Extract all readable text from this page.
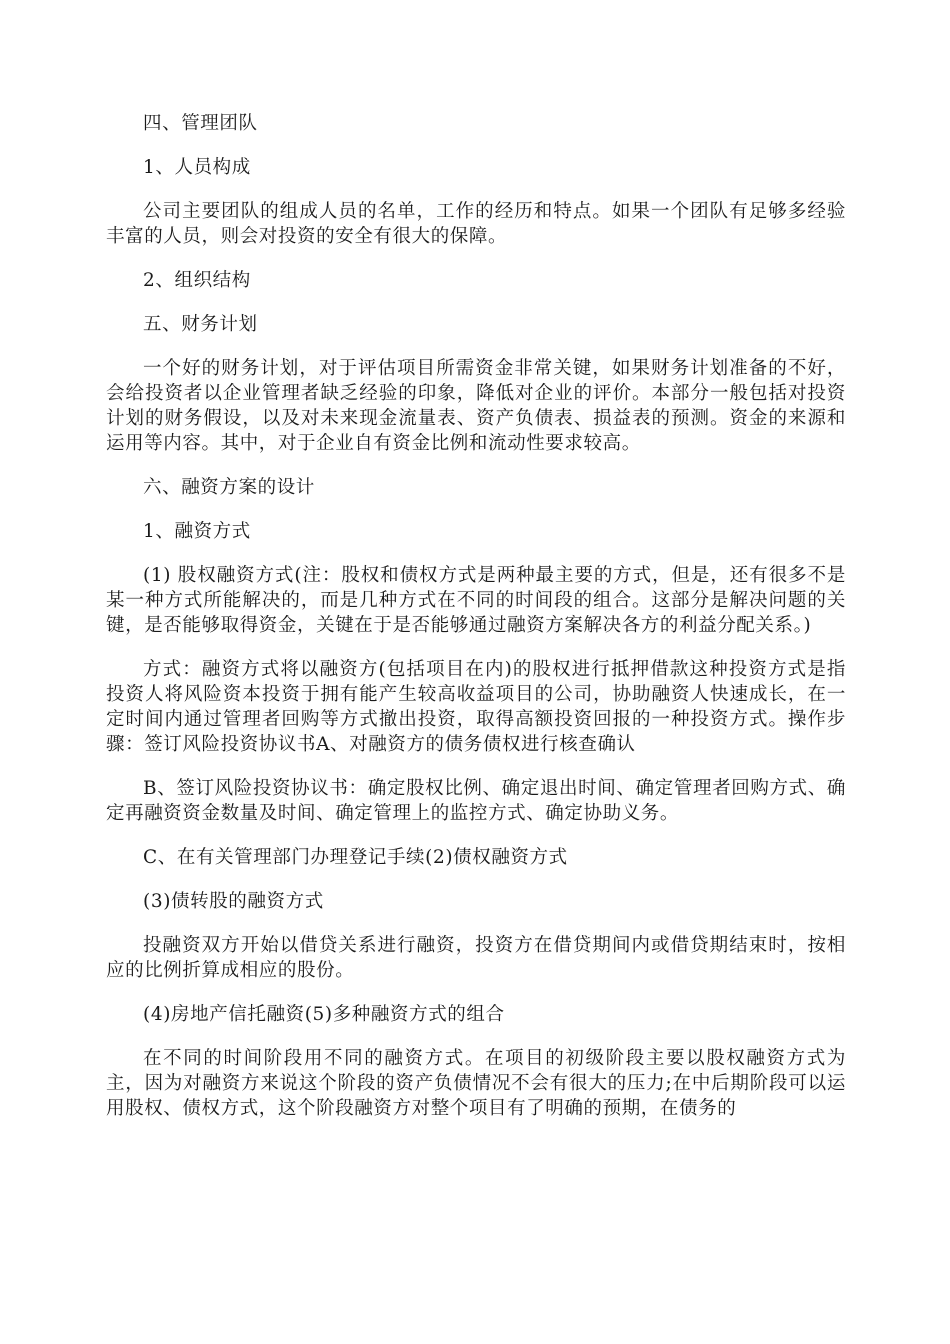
四、管理团队

1、人员构成

公司主要团队的组成人员的名单，工作的经历和特点。如果一个团队有足够多经验丰富的人员，则会对投资的安全有很大的保障。

2、组织结构

五、财务计划

一个好的财务计划，对于评估项目所需资金非常关键，如果财务计划准备的不好，会给投资者以企业管理者缺乏经验的印象，降低对企业的评价。本部分一般包括对投资计划的财务假设，以及对未来现金流量表、资产负债表、损益表的预测。资金的来源和运用等内容。其中，对于企业自有资金比例和流动性要求较高。

六、融资方案的设计

1、融资方式

(1) 股权融资方式(注：股权和债权方式是两种最主要的方式，但是，还有很多不是某一种方式所能解决的，而是几种方式在不同的时间段的组合。这部分是解决问题的关键，是否能够取得资金，关键在于是否能够通过融资方案解决各方的利益分配关系。)

方式：融资方式将以融资方(包括项目在内)的股权进行抵押借款这种投资方式是指投资人将风险资本投资于拥有能产生较高收益项目的公司，协助融资人快速成长，在一定时间内通过管理者回购等方式撤出投资，取得高额投资回报的一种投资方式。操作步骤：签订风险投资协议书A、对融资方的债务债权进行核查确认

B、签订风险投资协议书：确定股权比例、确定退出时间、确定管理者回购方式、确定再融资资金数量及时间、确定管理上的监控方式、确定协助义务。

C、在有关管理部门办理登记手续(2)债权融资方式

(3)债转股的融资方式

投融资双方开始以借贷关系进行融资，投资方在借贷期间内或借贷期结束时，按相应的比例折算成相应的股份。

(4)房地产信托融资(5)多种融资方式的组合

在不同的时间阶段用不同的融资方式。在项目的初级阶段主要以股权融资方式为主，因为对融资方来说这个阶段的资产负债情况不会有很大的压力;在中后期阶段可以运用股权、债权方式，这个阶段融资方对整个项目有了明确的预期，在债务的
